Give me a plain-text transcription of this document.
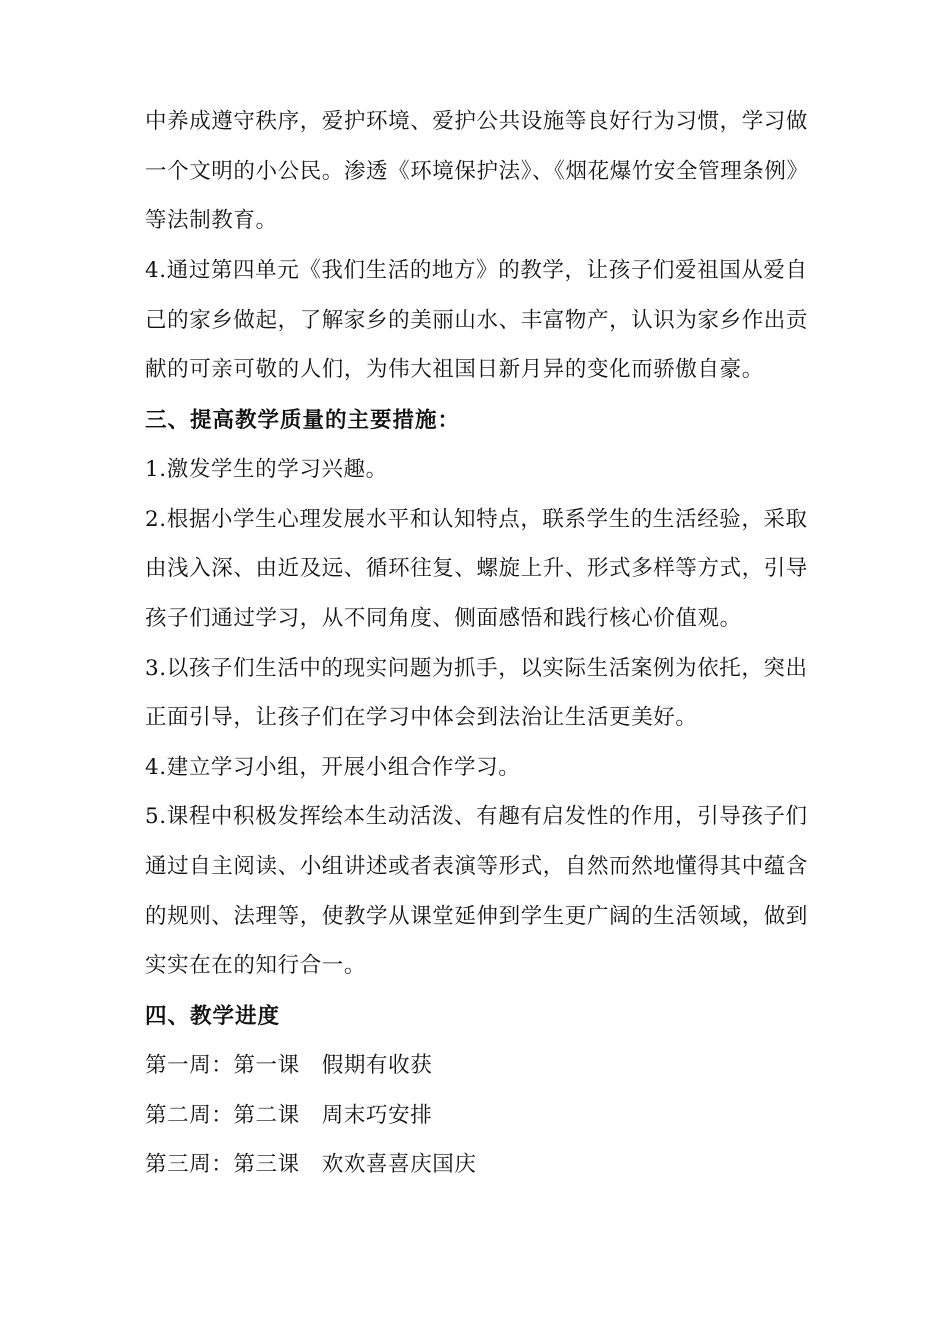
中养成遵守秩序，爱护环境、爱护公共设施等良好行为习惯，学习做
一个文明的小公民。渗透《环境保护法》、《烟花爆竹安全管理条例》
等法制教育。
4.通过第四单元《我们生活的地方》的教学，让孩子们爱祖国从爱自
己的家乡做起，了解家乡的美丽山水、丰富物产，认识为家乡作出贡
献的可亲可敬的人们，为伟大祖国日新月异的变化而骄傲自豪。
三、提高教学质量的主要措施：
1.激发学生的学习兴趣。
2.根据小学生心理发展水平和认知特点，联系学生的生活经验，采取
由浅入深、由近及远、循环往复、螺旋上升、形式多样等方式，引导
孩子们通过学习，从不同角度、侧面感悟和践行核心价值观。
3.以孩子们生活中的现实问题为抓手，以实际生活案例为依托，突出
正面引导，让孩子们在学习中体会到法治让生活更美好。
4.建立学习小组，开展小组合作学习。
5.课程中积极发挥绘本生动活泼、有趣有启发性的作用，引导孩子们
通过自主阅读、小组讲述或者表演等形式，自然而然地懂得其中蕴含
的规则、法理等，使教学从课堂延伸到学生更广阔的生活领域，做到
实实在在的知行合一。
四、教学进度
第一周：第一课　假期有收获
第二周：第二课　周末巧安排
第三周：第三课　欢欢喜喜庆国庆
